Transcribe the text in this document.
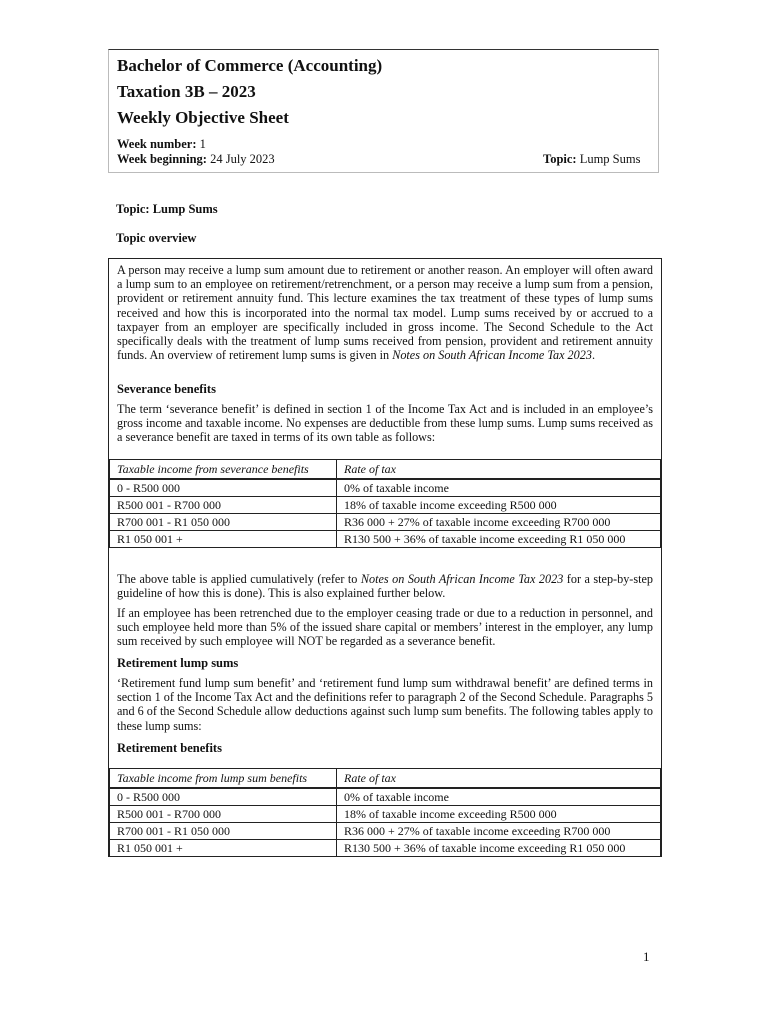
Bachelor of Commerce (Accounting)
Taxation 3B – 2023
Weekly Objective Sheet
Week number: 1
Week beginning: 24 July 2023	Topic: Lump Sums
Topic: Lump Sums
Topic overview
A person may receive a lump sum amount due to retirement or another reason. An employer will often award a lump sum to an employee on retirement/retrenchment, or a person may receive a lump sum from a pension, provident or retirement annuity fund. This lecture examines the tax treatment of these types of lump sums received and how this is incorporated into the normal tax model. Lump sums received by or accrued to a taxpayer from an employer are specifically included in gross income. The Second Schedule to the Act specifically deals with the treatment of lump sums received from pension, provident and retirement annuity funds. An overview of retirement lump sums is given in Notes on South African Income Tax 2023.
Severance benefits
The term ‘severance benefit’ is defined in section 1 of the Income Tax Act and is included in an employee’s gross income and taxable income. No expenses are deductible from these lump sums. Lump sums received as a severance benefit are taxed in terms of its own table as follows:
Taxable income from severance benefits	Rate of tax
0 - R500 000	0% of taxable income
R500 001 - R700 000	18% of taxable income exceeding R500 000
R700 001 - R1 050 000	R36 000 + 27% of taxable income exceeding R700 000
R1 050 001 +	R130 500 + 36% of taxable income exceeding R1 050 000
The above table is applied cumulatively (refer to Notes on South African Income Tax 2023 for a step-by-step guideline of how this is done). This is also explained further below.
If an employee has been retrenched due to the employer ceasing trade or due to a reduction in personnel, and such employee held more than 5% of the issued share capital or members’ interest in the employer, any lump sum received by such employee will NOT be regarded as a severance benefit.
Retirement lump sums
‘Retirement fund lump sum benefit’ and ‘retirement fund lump sum withdrawal benefit’ are defined terms in section 1 of the Income Tax Act and the definitions refer to paragraph 2 of the Second Schedule. Paragraphs 5 and 6 of the Second Schedule allow deductions against such lump sum benefits. The following tables apply to these lump sums:
Retirement benefits
Taxable income from lump sum benefits	Rate of tax
0 - R500 000	0% of taxable income
R500 001 - R700 000	18% of taxable income exceeding R500 000
R700 001 - R1 050 000	R36 000 + 27% of taxable income exceeding R700 000
R1 050 001 +	R130 500 + 36% of taxable income exceeding R1 050 000
1
